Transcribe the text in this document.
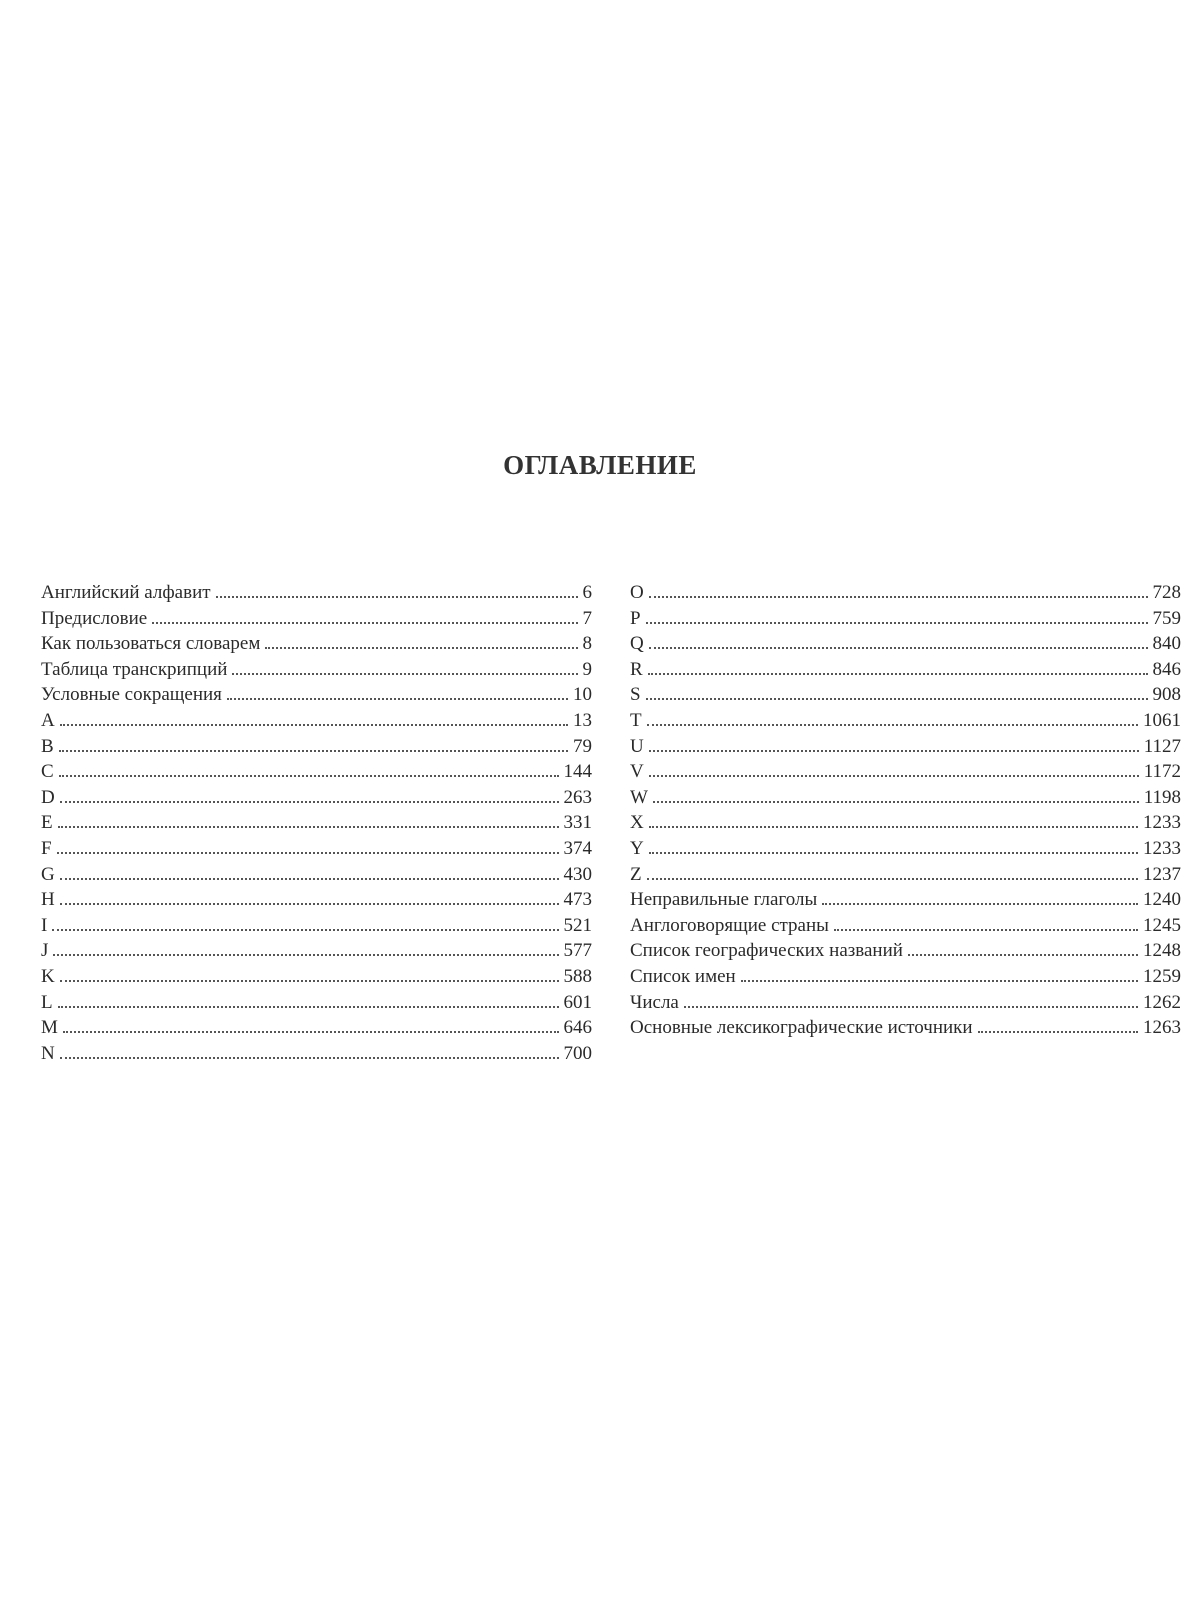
ОГЛАВЛЕНИЕ
Английский алфавит	6
Предисловие	7
Как пользоваться словарем	8
Таблица транскрипций	9
Условные сокращения	10
A	13
B	79
C	144
D	263
E	331
F	374
G	430
H	473
I	521
J	577
K	588
L	601
M	646
N	700
O	728
P	759
Q	840
R	846
S	908
T	1061
U	1127
V	1172
W	1198
X	1233
Y	1233
Z	1237
Неправильные глаголы	1240
Англоговорящие страны	1245
Список географических названий	1248
Список имен	1259
Числа	1262
Основные лексикографические источники	1263
